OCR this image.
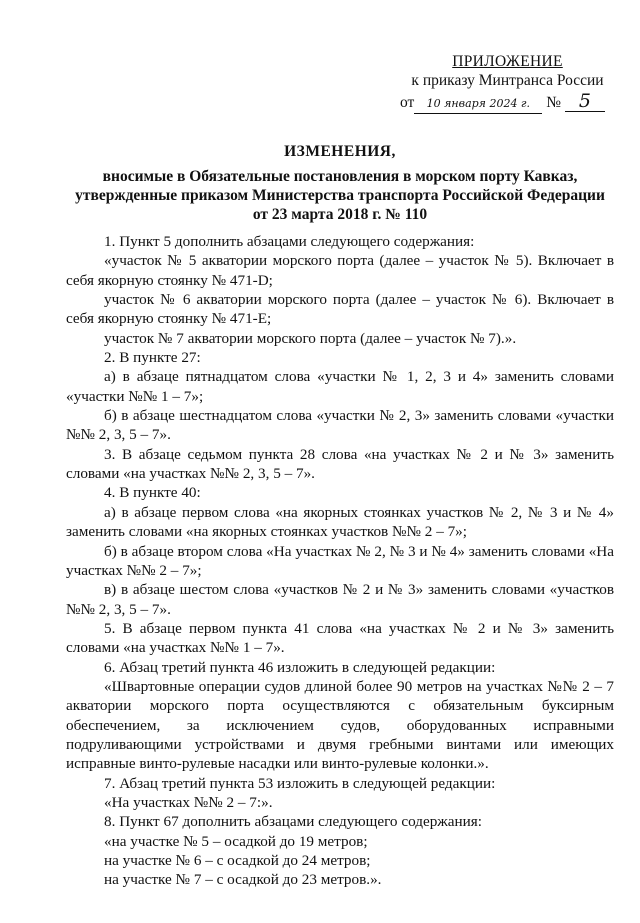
ПРИЛОЖЕНИЕ
к приказу Минтранса России
от 10 января 2024 г. № 5
ИЗМЕНЕНИЯ,
вносимые в Обязательные постановления в морском порту Кавказ,
утвержденные приказом Министерства транспорта Российской Федерации
от 23 марта 2018 г. № 110

1. Пункт 5 дополнить абзацами следующего содержания:

«участок № 5 акватории морского порта (далее – участок № 5). Включает в себя якорную стоянку № 471-D;

участок № 6 акватории морского порта (далее – участок № 6). Включает в себя якорную стоянку № 471-E;

участок № 7 акватории морского порта (далее – участок № 7).».

2. В пункте 27:

а) в абзаце пятнадцатом слова «участки № 1, 2, 3 и 4» заменить словами «участки №№ 1 – 7»;

б) в абзаце шестнадцатом слова «участки № 2, 3» заменить словами «участки №№ 2, 3, 5 – 7».

3. В абзаце седьмом пункта 28 слова «на участках № 2 и № 3» заменить словами «на участках №№ 2, 3, 5 – 7».

4. В пункте 40:

а) в абзаце первом слова «на якорных стоянках участков № 2, № 3 и № 4» заменить словами «на якорных стоянках участков №№ 2 – 7»;

б) в абзаце втором слова «На участках № 2, № 3 и № 4» заменить словами «На участках №№ 2 – 7»;

в) в абзаце шестом слова «участков № 2 и № 3» заменить словами «участков №№ 2, 3, 5 – 7».

5. В абзаце первом пункта 41 слова «на участках № 2 и № 3» заменить словами «на участках №№ 1 – 7».

6. Абзац третий пункта 46 изложить в следующей редакции:

«Швартовные операции судов длиной более 90 метров на участках №№ 2 – 7 акватории морского порта осуществляются с обязательным буксирным обеспечением, за исключением судов, оборудованных исправными подруливающими устройствами и двумя гребными винтами или имеющих исправные винто-рулевые насадки или винто-рулевые колонки.».

7. Абзац третий пункта 53 изложить в следующей редакции:

«На участках №№ 2 – 7:».

8. Пункт 67 дополнить абзацами следующего содержания:

«на участке № 5 – осадкой до 19 метров;

на участке № 6 – с осадкой до 24 метров;

на участке № 7 – с осадкой до 23 метров.».
